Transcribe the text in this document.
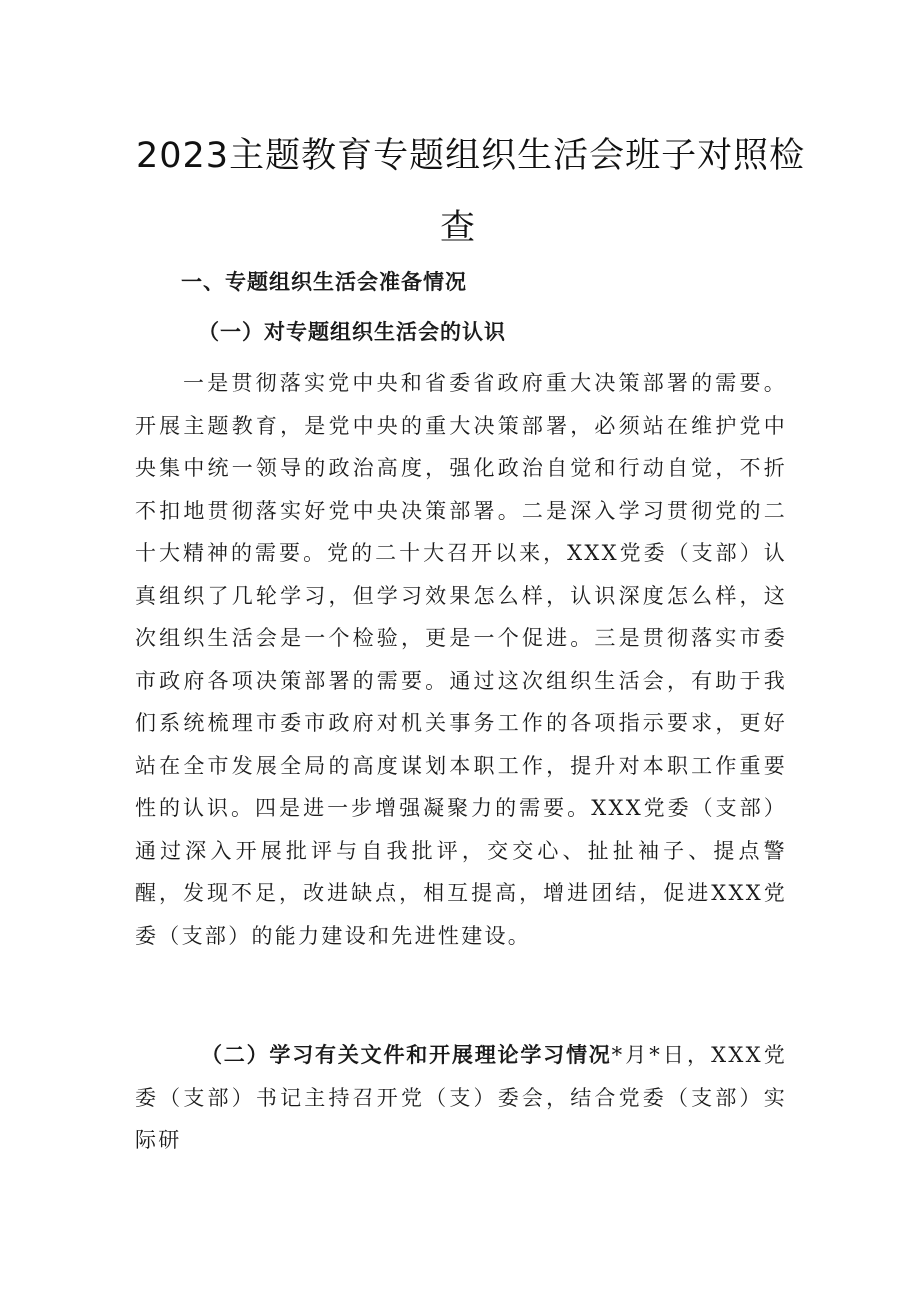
2023主题教育专题组织生活会班子对照检
查
一、专题组织生活会准备情况
（一）对专题组织生活会的认识
一是贯彻落实党中央和省委省政府重大决策部署的需要。开展主题教育，是党中央的重大决策部署，必须站在维护党中央集中统一领导的政治高度，强化政治自觉和行动自觉，不折不扣地贯彻落实好党中央决策部署。二是深入学习贯彻党的二十大精神的需要。党的二十大召开以来，XXX党委（支部）认真组织了几轮学习，但学习效果怎么样，认识深度怎么样，这次组织生活会是一个检验，更是一个促进。三是贯彻落实市委市政府各项决策部署的需要。通过这次组织生活会，有助于我们系统梳理市委市政府对机关事务工作的各项指示要求，更好站在全市发展全局的高度谋划本职工作，提升对本职工作重要性的认识。四是进一步增强凝聚力的需要。XXX党委（支部）通过深入开展批评与自我批评，交交心、扯扯袖子、提点警醒，发现不足，改进缺点，相互提高，增进团结，促进XXX党委（支部）的能力建设和先进性建设。
（二）学习有关文件和开展理论学习情况*月*日，XXX党委（支部）书记主持召开党（支）委会，结合党委（支部）实际研
